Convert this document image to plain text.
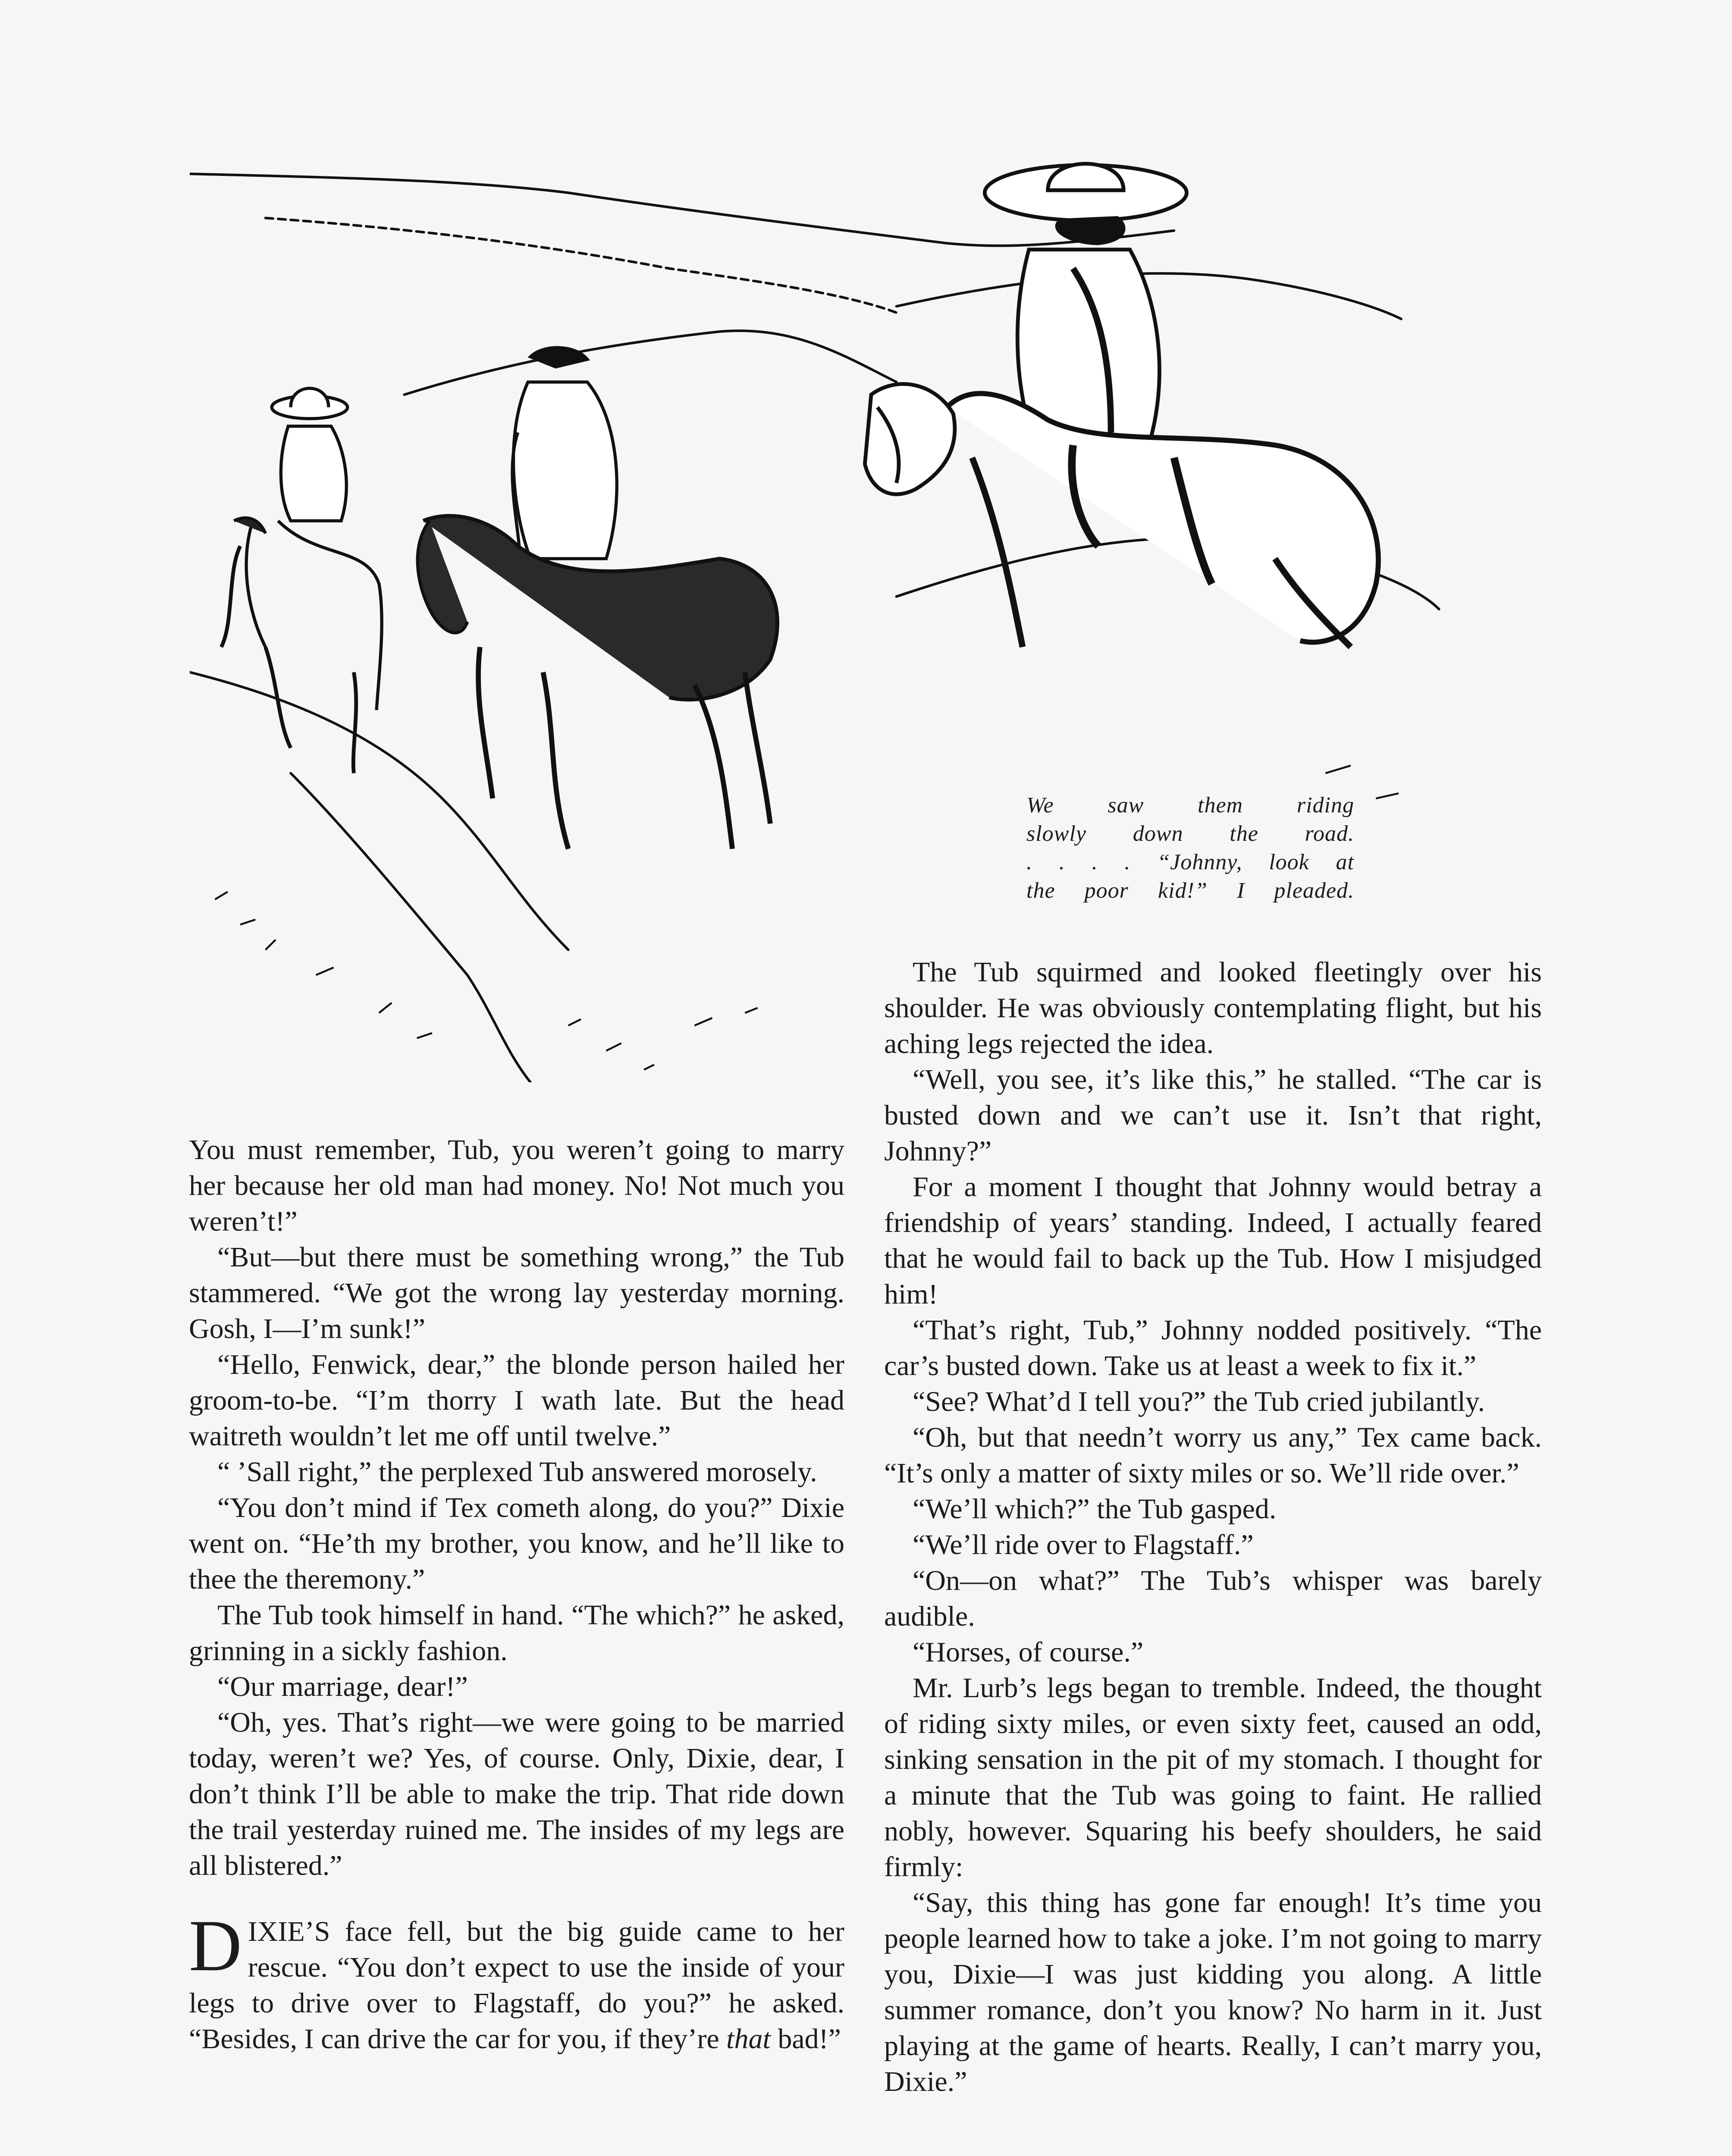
We saw them riding
slowly down the road.
. . . . “Johnny, look at
the poor kid!” I pleaded.

You must remember, Tub, you weren’t going to marry her because her old man had money. No! Not much you weren’t!”

“But—but there must be something wrong,” the Tub stammered. “We got the wrong lay yesterday morning. Gosh, I—I’m sunk!”

“Hello, Fenwick, dear,” the blonde person hailed her groom-to-be. “I’m thorry I wath late. But the head waitreth wouldn’t let me off until twelve.”

“ ’Sall right,” the perplexed Tub answered morosely.

“You don’t mind if Tex cometh along, do you?” Dixie went on. “He’th my brother, you know, and he’ll like to thee the theremony.”

The Tub took himself in hand. “The which?” he asked, grinning in a sickly fashion.

“Our marriage, dear!”

“Oh, yes. That’s right—we were going to be married today, weren’t we? Yes, of course. Only, Dixie, dear, I don’t think I’ll be able to make the trip. That ride down the trail yesterday ruined me. The insides of my legs are all blistered.”

DIXIE’S face fell, but the big guide came to her rescue. “You don’t expect to use the inside of your legs to drive over to Flagstaff, do you?” he asked. “Besides, I can drive the car for you, if they’re that bad!”

The Tub squirmed and looked fleetingly over his shoulder. He was obviously contemplating flight, but his aching legs rejected the idea.

“Well, you see, it’s like this,” he stalled. “The car is busted down and we can’t use it. Isn’t that right, Johnny?”

For a moment I thought that Johnny would betray a friendship of years’ standing. Indeed, I actually feared that he would fail to back up the Tub. How I misjudged him!

“That’s right, Tub,” Johnny nodded positively. “The car’s busted down. Take us at least a week to fix it.”

“See? What’d I tell you?” the Tub cried jubilantly.

“Oh, but that needn’t worry us any,” Tex came back. “It’s only a matter of sixty miles or so. We’ll ride over.”

“We’ll which?” the Tub gasped.

“We’ll ride over to Flagstaff.”

“On—on what?” The Tub’s whisper was barely audible.

“Horses, of course.”

Mr. Lurb’s legs began to tremble. Indeed, the thought of riding sixty miles, or even sixty feet, caused an odd, sinking sensation in the pit of my stomach. I thought for a minute that the Tub was going to faint. He rallied nobly, however. Squaring his beefy shoulders, he said firmly:

“Say, this thing has gone far enough! It’s time you people learned how to take a joke. I’m not going to marry you, Dixie—I was just kidding you along. A little summer romance, don’t you know? No harm in it. Just playing at the game of hearts. Really, I can’t marry you, Dixie.”
